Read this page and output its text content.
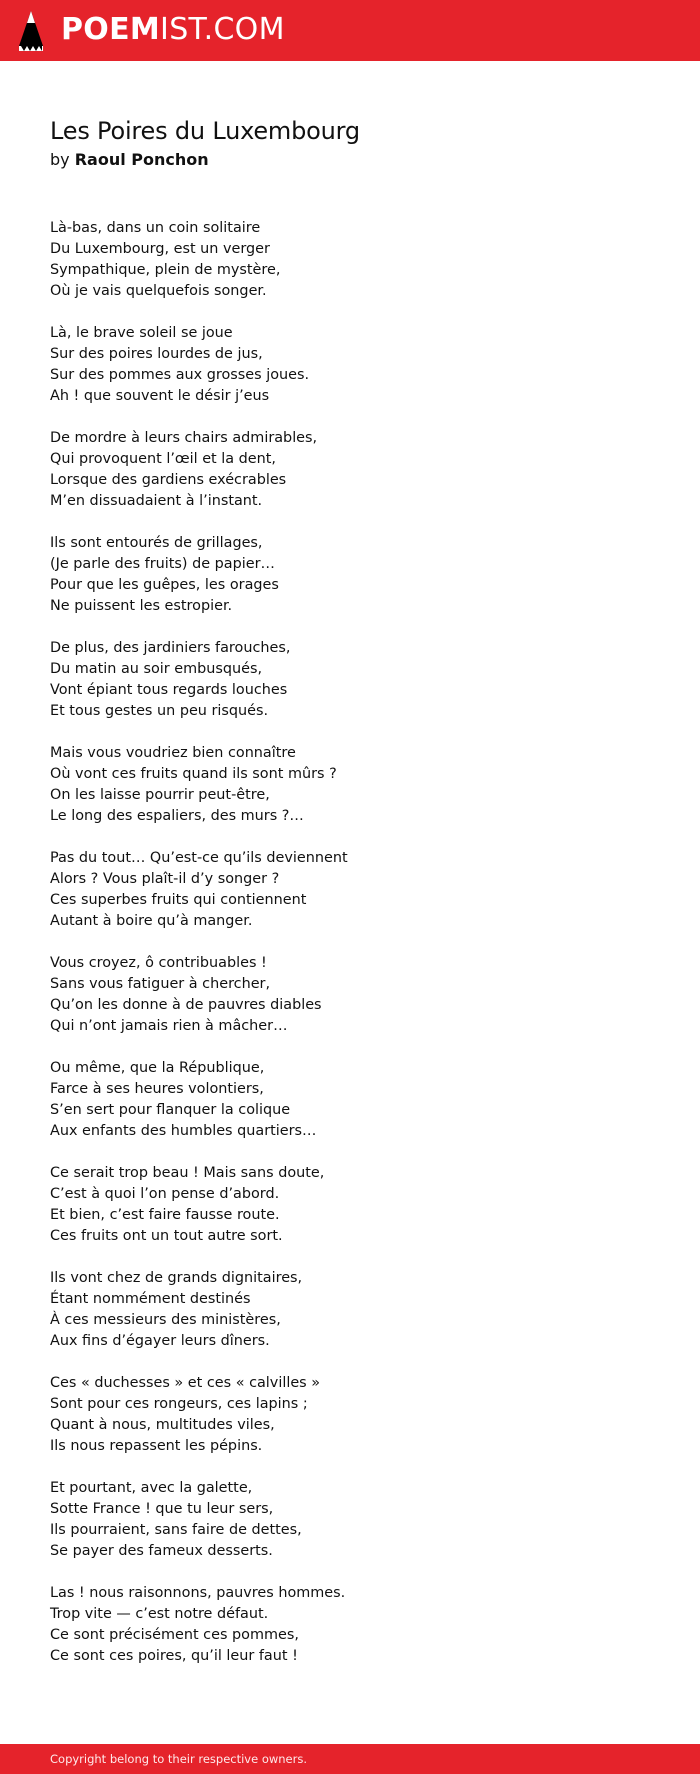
POEMIST.COM
Les Poires du Luxembourg
by Raoul Ponchon
Là-bas, dans un coin solitaire
Du Luxembourg, est un verger
Sympathique, plein de mystère,
Où je vais quelquefois songer.
Là, le brave soleil se joue
Sur des poires lourdes de jus,
Sur des pommes aux grosses joues.
Ah ! que souvent le désir j’eus
De mordre à leurs chairs admirables,
Qui provoquent l’œil et la dent,
Lorsque des gardiens exécrables
M’en dissuadaient à l’instant.
Ils sont entourés de grillages,
(Je parle des fruits) de papier…
Pour que les guêpes, les orages
Ne puissent les estropier.
De plus, des jardiniers farouches,
Du matin au soir embusqués,
Vont épiant tous regards louches
Et tous gestes un peu risqués.
Mais vous voudriez bien connaître
Où vont ces fruits quand ils sont mûrs ?
On les laisse pourrir peut-être,
Le long des espaliers, des murs ?…
Pas du tout… Qu’est-ce qu’ils deviennent
Alors ? Vous plaît-il d’y songer ?
Ces superbes fruits qui contiennent
Autant à boire qu’à manger.
Vous croyez, ô contribuables !
Sans vous fatiguer à chercher,
Qu’on les donne à de pauvres diables
Qui n’ont jamais rien à mâcher…
Ou même, que la République,
Farce à ses heures volontiers,
S’en sert pour flanquer la colique
Aux enfants des humbles quartiers…
Ce serait trop beau ! Mais sans doute,
C’est à quoi l’on pense d’abord.
Et bien, c’est faire fausse route.
Ces fruits ont un tout autre sort.
Ils vont chez de grands dignitaires,
Étant nommément destinés
À ces messieurs des ministères,
Aux fins d’égayer leurs dîners.
Ces « duchesses » et ces « calvilles »
Sont pour ces rongeurs, ces lapins ;
Quant à nous, multitudes viles,
Ils nous repassent les pépins.
Et pourtant, avec la galette,
Sotte France ! que tu leur sers,
Ils pourraient, sans faire de dettes,
Se payer des fameux desserts.
Las ! nous raisonnons, pauvres hommes.
Trop vite — c’est notre défaut.
Ce sont précisément ces pommes,
Ce sont ces poires, qu’il leur faut !
Copyright belong to their respective owners.
